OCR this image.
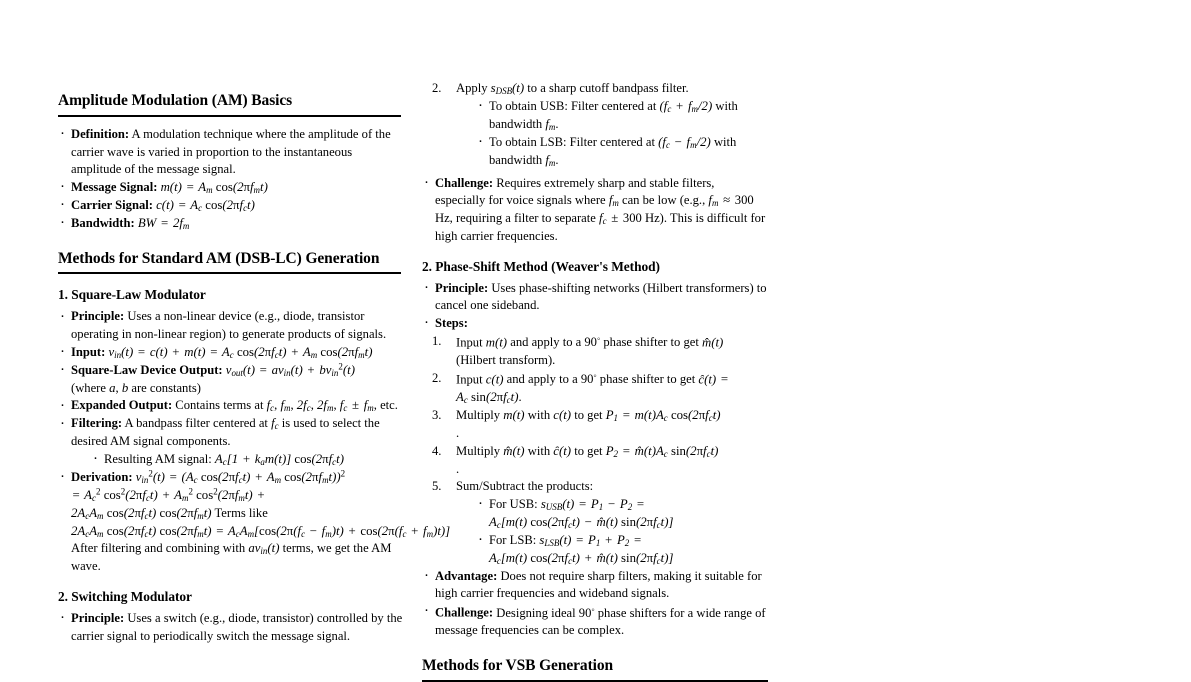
Amplitude Modulation (AM) Basics
· Definition: A modulation technique where the amplitude of the carrier wave is varied in proportion to the instantaneous amplitude of the message signal.
· Message Signal: $m(t) = A_m$ $\cos(2\pi f_mt)$
· Carrier Signal: $c(t) = A_c$ $\cos(2\pi f_ct)$
· Bandwidth: BW = $2f_m$
Methods for Standard AM (DSB-LC) Generation
1. Square-Law Modulator
· Principle: Uses a non-linear device (e.g., diode, transistor operating in non-linear region) to generate products of signals.
· Input: $v_{in}(t) = c(t) + m(t) = A_c$ $\cos(2\pi f_ct) + A_m$ $\cos(2\pi f_mt)$
· Square-Law Device Output: $v_{out}(t) = av_{in}(t) + bv_{in}^2(t)$
(where a, b are constants)
· Expanded Output: Contains terms at $f_c$, $f_m$, $2f_c$, $2f_m$, $f_c \pm f_m$, etc.
· Filtering: A bandpass filter centered at $f_c$ is used to select the desired AM signal components.
· Resulting AM signal: $A_c[1 + k_am(t)]$ $\cos(2\pi f_ct)$
· Derivation: $v_{in}^2(t) = (A_c$ $\cos(2\pi f_ct) + A_m$ $\cos(2\pi f_mt))^2 = A_c^2$ $\cos^2(2\pi f_ct) + A_m^2$ $\cos^2(2\pi f_mt) + 2A_cA_m$ $\cos(2\pi f_ct)$ $\cos(2\pi f_mt)$ Terms like $2A_cA_m$ $\cos(2\pi f_ct) \cos(2\pi f_mt) = A_cA_m[\cos(2\pi(f_c - f_m)t) + \cos(2\pi(f_c + f_m)t)]$ After filtering and combining with $av_{in}(t)$ terms, we get the AM wave.
2. Switching Modulator
· Principle: Uses a switch (e.g., diode, transistor) controlled by the carrier signal to periodically switch the message signal.
Apply $s_{DSB}(t)$ to a sharp cutoff bandpass filter.
· To obtain USB: Filter centered at $(f_c + f_m/2)$ with bandwidth $f_m$.
· To obtain LSB: Filter centered at $(f_c - f_m/2)$ with bandwidth $f_m$.
· Challenge: Requires extremely sharp and stable filters, especially for voice signals where $f_m$ can be low (e.g., $f_m \approx 300$ Hz, requiring a filter to separate $f_c \pm 300$ Hz). This is difficult for high carrier frequencies.
2. Phase-Shift Method (Weaver's Method)
· Principle: Uses phase-shifting networks (Hilbert transformers) to cancel one sideband.
· Steps:
Input m(t) and apply to a 90◦ phase shifter to get m̂(t)
(Hilbert transform).
Input c(t) and apply to a 90◦ phase shifter to get ĉ(t) =
$A_c$ $\sin(2\pi f_ct)$.
Multiply m(t) with c(t) to get $P_1 = m(t)A_c$ $\cos(2\pi f_ct)$
.
Multiply m̂(t) with ĉ(t) to get $P_2$ = $m̂(t)A_c$ $\sin(2\pi f_ct)$
.
Sum/Subtract the products:
· For USB: $s_{USB}(t) = P_1 - P_2$ =
$A_c[m(t) \cos(2\pi f_ct)$ − m̂(t) $\sin(2\pi f_ct)$]
· For LSB: $s_{LSB}(t) = P_1 + P_2$ =
$A_c[m(t) \cos(2\pi f_ct)$ + m̂(t) $\sin(2\pi f_ct)$]
· Advantage: Does not require sharp filters, making it suitable for high carrier frequencies and wideband signals.
· Challenge: Designing ideal 90◦ phase shifters for a wide range of message frequencies can be complex.
Methods for VSB Generation
